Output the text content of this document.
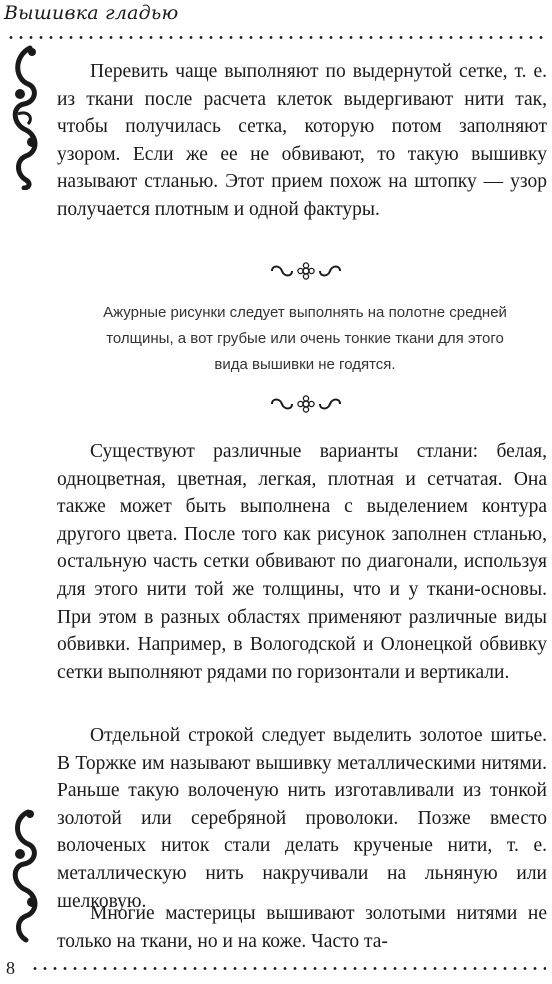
Вышивка гладью

Перевить чаще выполняют по выдернутой сетке, т. е. из ткани после расчета клеток выдергивают нити так, чтобы получилась сетка, которую потом заполняют узором. Если же ее не обвивают, то такую вышивку называют стланью. Этот прием похож на штопку — узор получается плотным и одной фактуры.

Ажурные рисунки следует выполнять на полотне средней толщины, а вот грубые или очень тонкие ткани для этого вида вышивки не годятся.

Существуют различные варианты стлани: белая, одноцветная, цветная, легкая, плотная и сетчатая. Она также может быть выполнена с выделением контура другого цвета. После того как рисунок заполнен стланью, остальную часть сетки обвивают по диагонали, используя для этого нити той же толщины, что и у ткани-основы. При этом в разных областях применяют различные виды обвивки. Например, в Вологодской и Олонецкой обвивку сетки выполняют рядами по горизонтали и вертикали.

Отдельной строкой следует выделить золотое шитье. В Торжке им называют вышивку металлическими нитями. Раньше такую волоченую нить изготавливали из тонкой золотой или серебряной проволоки. Позже вместо волоченых ниток стали делать крученые нити, т. е. металлическую нить накручивали на льняную или шелковую.

Многие мастерицы вышивают золотыми нитями не только на ткани, но и на коже. Часто та-

8
